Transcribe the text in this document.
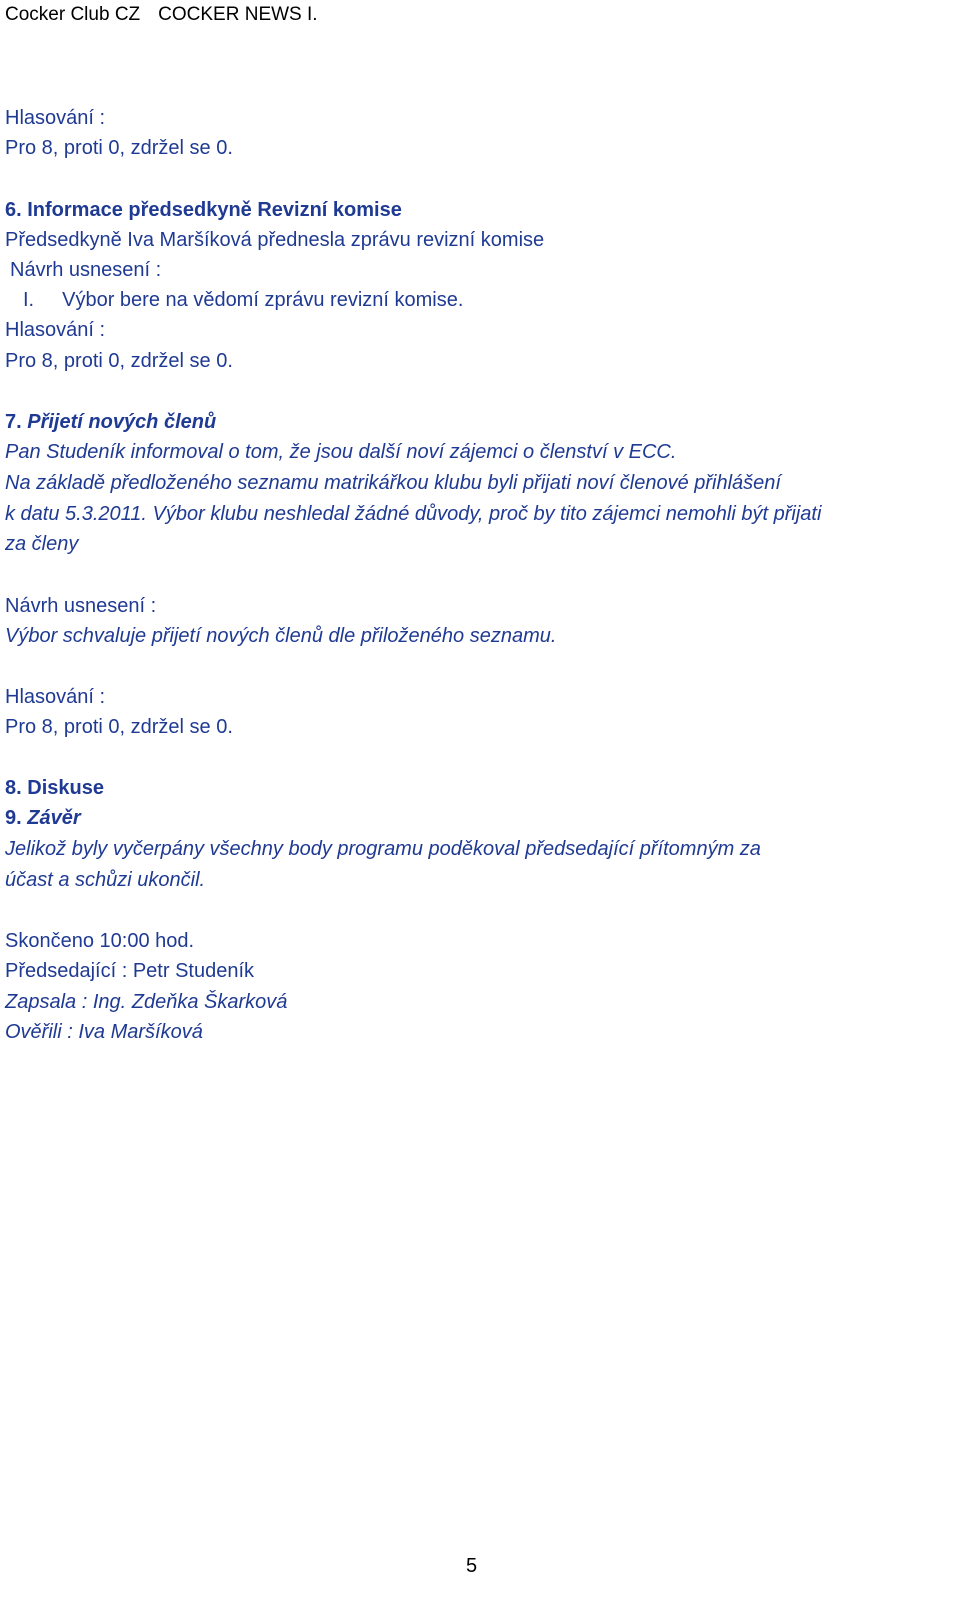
Cocker Club CZ COCKER NEWS I.
Hlasování :
Pro 8, proti 0, zdržel se 0.
6. Informace předsedkyně Revizní komise
Předsedkyně Iva Maršíková přednesla zprávu revizní komise
Návrh usnesení :
I. Výbor bere na vědomí zprávu revizní komise.
Hlasování :
Pro 8, proti 0, zdržel se 0.
7. Přijetí nových členů
Pan Studeník informoval o tom, že jsou další noví zájemci o členství v ECC.
Na základě předloženého seznamu matrikářkou klubu byli přijati noví členové přihlášení
k datu 5.3.2011. Výbor klubu neshledal žádné důvody, proč by tito zájemci nemohli být přijati
za členy
Návrh usnesení :
Výbor schvaluje přijetí nových členů dle přiloženého seznamu.
Hlasování :
Pro 8, proti 0, zdržel se 0.
8. Diskuse
9. Závěr
Jelikož byly vyčerpány všechny body programu poděkoval předsedající přítomným za
účast a schůzi ukončil.
Skončeno 10:00 hod.
Předsedající : Petr Studeník
Zapsala : Ing. Zdeňka Škarková
Ověřili : Iva Maršíková
5
